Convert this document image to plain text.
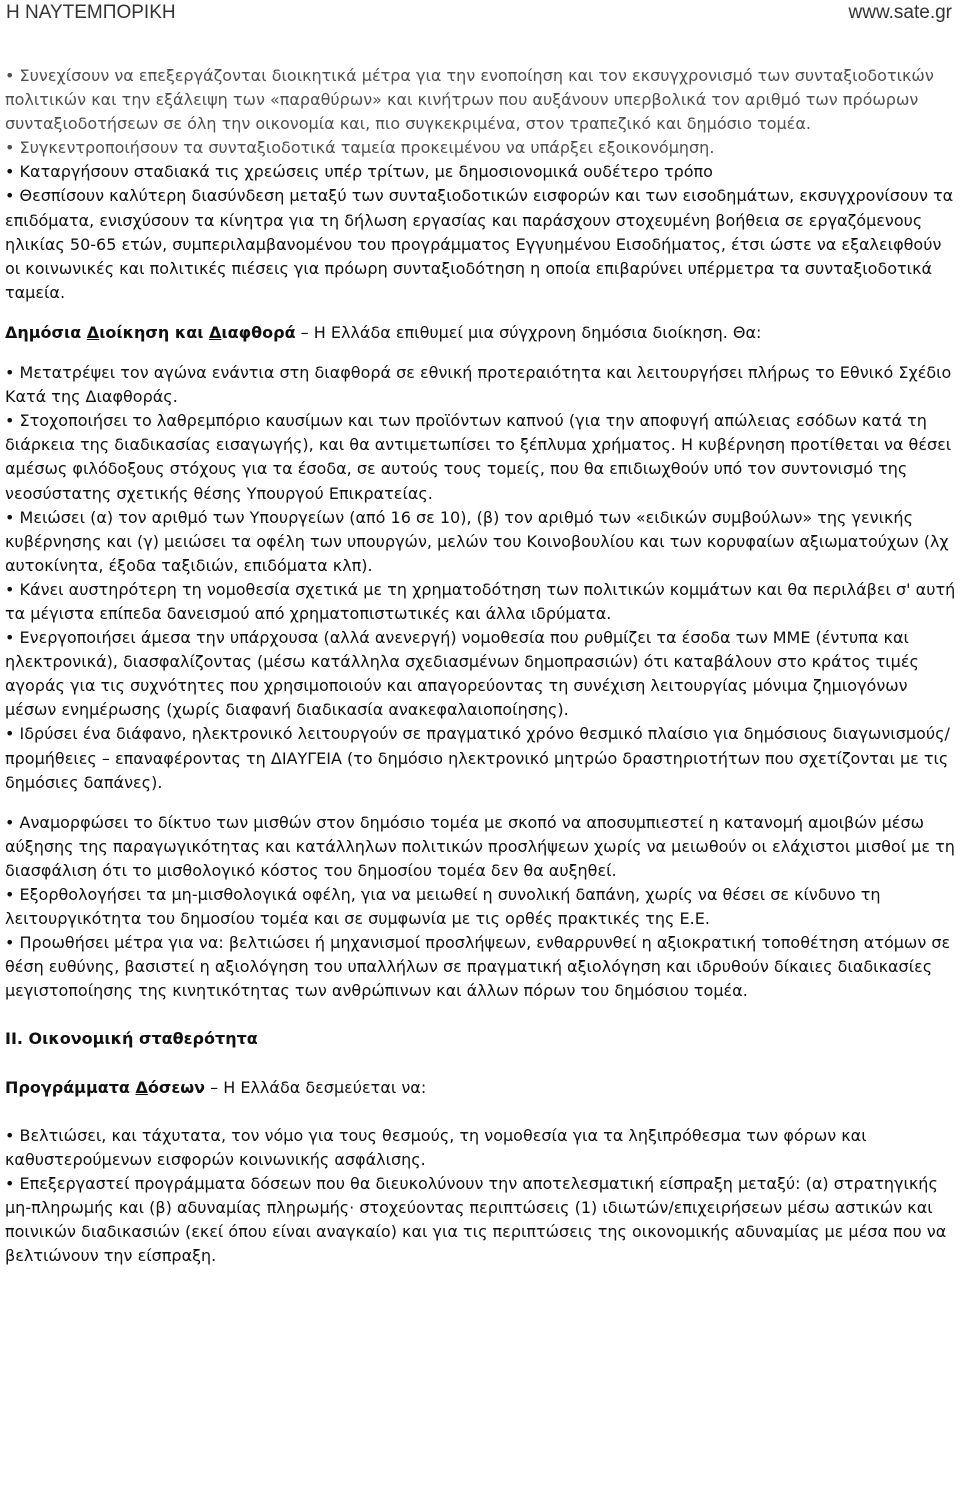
Η ΝΑΥΤΕΜΠΟΡΙΚΗ	www.sate.gr

• Συνεχίσουν να επεξεργάζονται διοικητικά μέτρα για την ενοποίηση και τον εκσυγχρονισμό των συνταξιοδοτικών πολιτικών και την εξάλειψη των «παραθύρων» και κινήτρων που αυξάνουν υπερβολικά τον αριθμό των πρόωρων συνταξιοδοτήσεων σε όλη την οικονομία και, πιο συγκεκριμένα, στον τραπεζικό και δημόσιο τομέα.

• Συγκεντροποιήσουν τα συνταξιοδοτικά ταμεία προκειμένου να υπάρξει εξοικονόμηση.

• Καταργήσουν σταδιακά τις χρεώσεις υπέρ τρίτων, με δημοσιονομικά ουδέτερο τρόπο

• Θεσπίσουν καλύτερη διασύνδεση μεταξύ των συνταξιοδοτικών εισφορών και των εισοδημάτων, εκσυγχρονίσουν τα επιδόματα, ενισχύσουν τα κίνητρα για τη δήλωση εργασίας και παράσχουν στοχευμένη βοήθεια σε εργαζόμενους ηλικίας 50-65 ετών, συμπεριλαμβανομένου του προγράμματος Εγγυημένου Εισοδήματος, έτσι ώστε να εξαλειφθούν οι κοινωνικές και πολιτικές πιέσεις για πρόωρη συνταξιοδότηση η οποία επιβαρύνει υπέρμετρα τα συνταξιοδοτικά ταμεία.

Δημόσια Διοίκηση και Διαφθορά – Η Ελλάδα επιθυμεί μια σύγχρονη δημόσια διοίκηση. Θα:

• Μετατρέψει τον αγώνα ενάντια στη διαφθορά σε εθνική προτεραιότητα και λειτουργήσει πλήρως το Εθνικό Σχέδιο Κατά της Διαφθοράς.

• Στοχοποιήσει το λαθρεμπόριο καυσίμων και των προϊόντων καπνού (για την αποφυγή απώλειας εσόδων κατά τη διάρκεια της διαδικασίας εισαγωγής), και θα αντιμετωπίσει το ξέπλυμα χρήματος. Η κυβέρνηση προτίθεται να θέσει αμέσως φιλόδοξους στόχους για τα έσοδα, σε αυτούς τους τομείς, που θα επιδιωχθούν υπό τον συντονισμό της νεοσύστατης σχετικής θέσης Υπουργού Επικρατείας.

• Μειώσει (α) τον αριθμό των Υπουργείων (από 16 σε 10), (β) τον αριθμό των «ειδικών συμβούλων» της γενικής κυβέρνησης και (γ) μειώσει τα οφέλη των υπουργών, μελών του Κοινοβουλίου και των κορυφαίων αξιωματούχων (λχ αυτοκίνητα, έξοδα ταξιδιών, επιδόματα κλπ).

• Κάνει αυστηρότερη τη νομοθεσία σχετικά με τη χρηματοδότηση των πολιτικών κομμάτων και θα περιλάβει σ' αυτή τα μέγιστα επίπεδα δανεισμού από χρηματοπιστωτικές και άλλα ιδρύματα.

• Ενεργοποιήσει άμεσα την υπάρχουσα (αλλά ανενεργή) νομοθεσία που ρυθμίζει τα έσοδα των ΜΜΕ (έντυπα και ηλεκτρονικά), διασφαλίζοντας (μέσω κατάλληλα σχεδιασμένων δημοπρασιών) ότι καταβάλουν στο κράτος τιμές αγοράς για τις συχνότητες που χρησιμοποιούν και απαγορεύοντας τη συνέχιση λειτουργίας μόνιμα ζημιογόνων μέσων ενημέρωσης (χωρίς διαφανή διαδικασία ανακεφαλαιοποίησης).

• Ιδρύσει ένα διάφανο, ηλεκτρονικό λειτουργούν σε πραγματικό χρόνο θεσμικό πλαίσιο για δημόσιους διαγωνισμούς/προμήθειες – επαναφέροντας τη ΔΙΑΥΓΕΙΑ (το δημόσιο ηλεκτρονικό μητρώο δραστηριοτήτων που σχετίζονται με τις δημόσιες δαπάνες).

• Αναμορφώσει το δίκτυο των μισθών στον δημόσιο τομέα με σκοπό να αποσυμπιεστεί η κατανομή αμοιβών μέσω αύξησης της παραγωγικότητας και κατάλληλων πολιτικών προσλήψεων χωρίς να μειωθούν οι ελάχιστοι μισθοί με τη διασφάλιση ότι το μισθολογικό κόστος του δημοσίου τομέα δεν θα αυξηθεί.

• Εξορθολογήσει τα μη-μισθολογικά οφέλη, για να μειωθεί η συνολική δαπάνη, χωρίς να θέσει σε κίνδυνο τη λειτουργικότητα του δημοσίου τομέα και σε συμφωνία με τις ορθές πρακτικές της Ε.Ε.

• Προωθήσει μέτρα για να: βελτιώσει ή μηχανισμοί προσλήψεων, ενθαρρυνθεί η αξιοκρατική τοποθέτηση ατόμων σε θέση ευθύνης, βασιστεί η αξιολόγηση του υπαλλήλων σε πραγματική αξιολόγηση και ιδρυθούν δίκαιες διαδικασίες μεγιστοποίησης της κινητικότητας των ανθρώπινων και άλλων πόρων του δημόσιου τομέα.

ΙΙ. Οικονομική σταθερότητα

Προγράμματα Δόσεων – Η Ελλάδα δεσμεύεται να:

• Βελτιώσει, και τάχυτατα, τον νόμο για τους θεσμούς, τη νομοθεσία για τα ληξιπρόθεσμα των φόρων και καθυστερούμενων εισφορών κοινωνικής ασφάλισης.

• Επεξεργαστεί προγράμματα δόσεων που θα διευκολύνουν την αποτελεσματική είσπραξη μεταξύ: (α) στρατηγικής μη-πληρωμής και (β) αδυναμίας πληρωμής· στοχεύοντας περιπτώσεις (1) ιδιωτών/επιχειρήσεων μέσω αστικών και ποινικών διαδικασιών (εκεί όπου είναι αναγκαίο) και για τις περιπτώσεις της οικονομικής αδυναμίας με μέσα που να βελτιώνουν την είσπραξη.
